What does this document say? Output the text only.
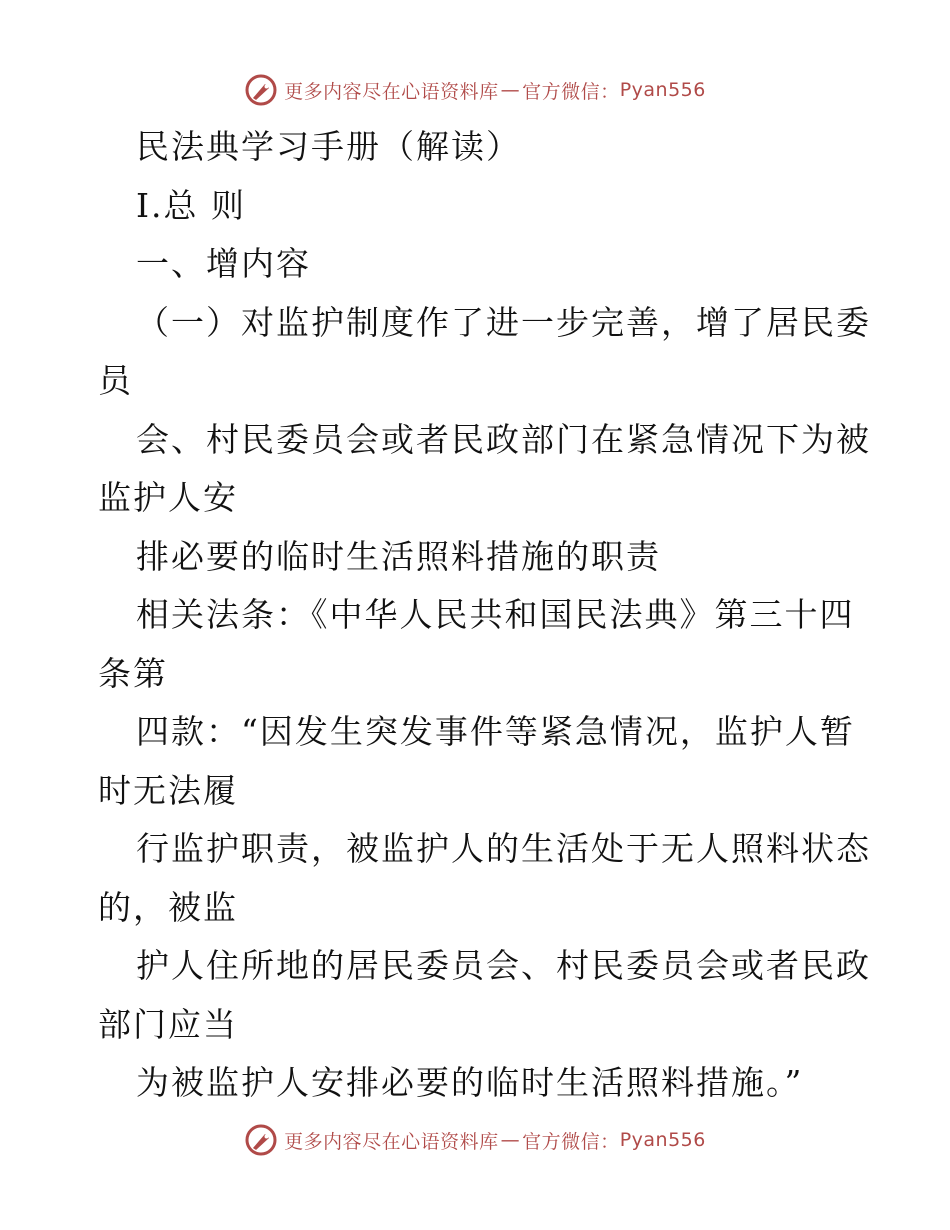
更多内容尽在心语资料库 — 官方微信： Pyan556
民法典学习手册（解读）
Ⅰ.总 则
一、增内容
（一）对监护制度作了进一步完善，增了居民委
员
会、村民委员会或者民政部门在紧急情况下为被
监护人安
排必要的临时生活照料措施的职责
相关法条：《中华人民共和国民法典》第三十四
条第
四款：“因发生突发事件等紧急情况，监护人暂
时无法履
行监护职责，被监护人的生活处于无人照料状态
的，被监
护人住所地的居民委员会、村民委员会或者民政
部门应当
为被监护人安排必要的临时生活照料措施。”
更多内容尽在心语资料库 — 官方微信： Pyan556
